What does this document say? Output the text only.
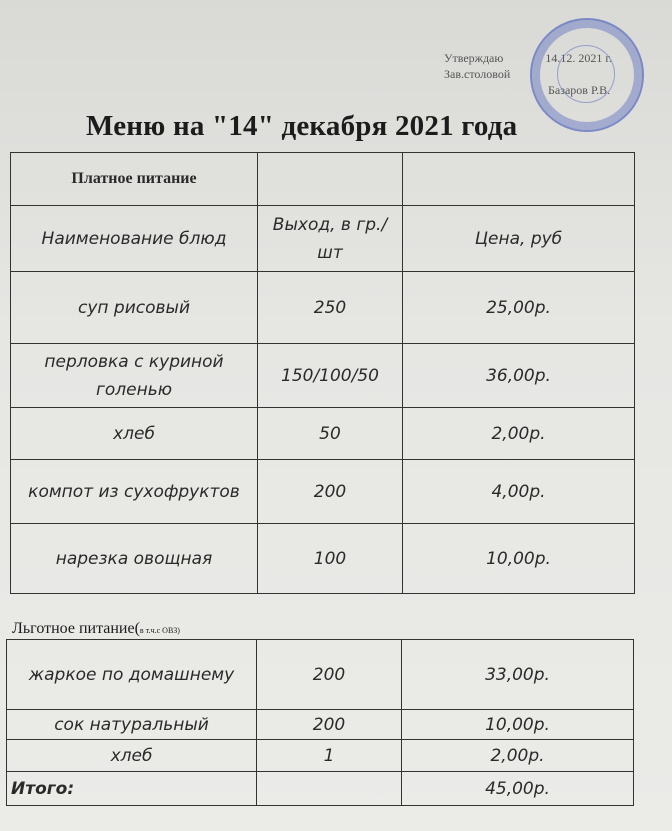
Утверждаю	14.12. 2021 г.
Зав.столовой
Базаров Р.В.
Меню на "14" декабря 2021 года
Платное питание		
Наименование блюд	Выход, в гр./шт	Цена, руб
суп рисовый	250	25,00р.
перловка с куриной голенью	150/100/50	36,00р.
хлеб	50	2,00р.
компот из сухофруктов	200	4,00р.
нарезка овощная	100	10,00р.
Льготное питание(в т.ч.с ОВЗ)
жаркое по домашнему	200	33,00р.
сок натуральный	200	10,00р.
хлеб	1	2,00р.
Итого:		45,00р.
